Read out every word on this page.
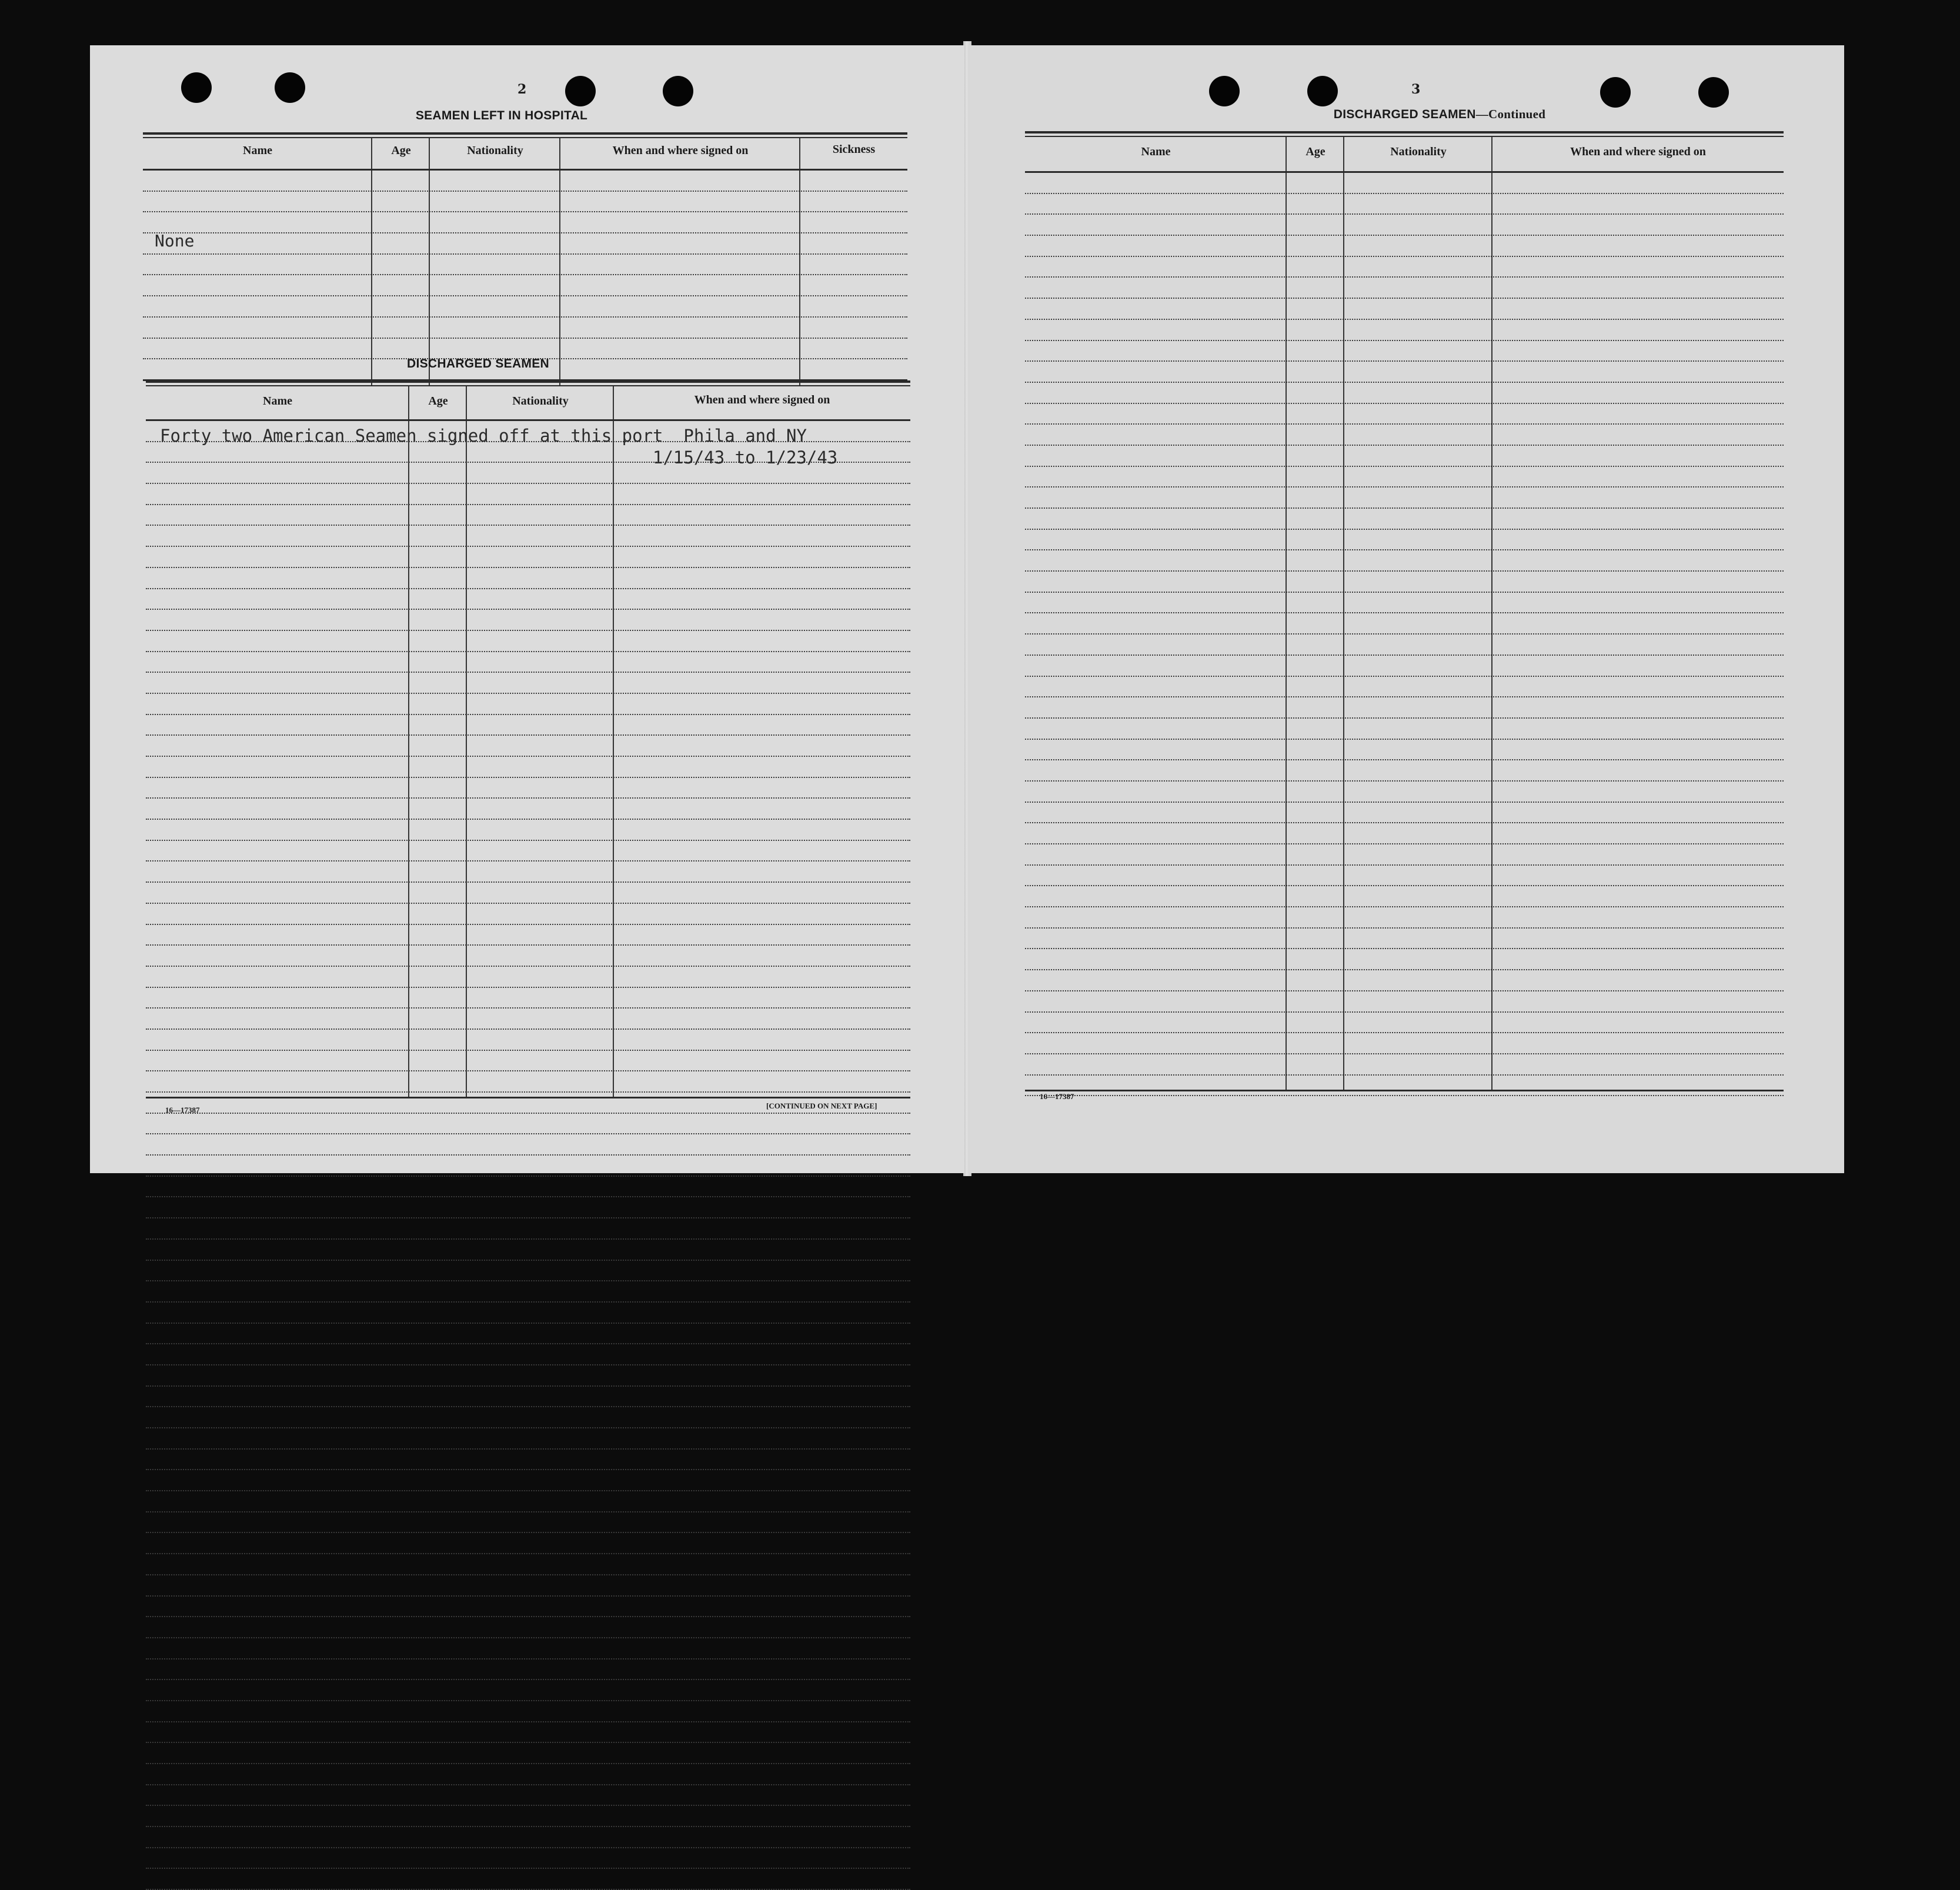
2
SEAMEN LEFT IN HOSPITAL
Name	Age	Nationality	When and where signed on	Sickness
None
DISCHARGED SEAMEN
Name	Age	Nationality	When and where signed on
Forty two American Seamen signed off at this port  Phila and NY
1/15/43 to 1/23/43
16—17387	[CONTINUED ON NEXT PAGE]
3
DISCHARGED SEAMEN—Continued
Name	Age	Nationality	When and where signed on
16—17387
